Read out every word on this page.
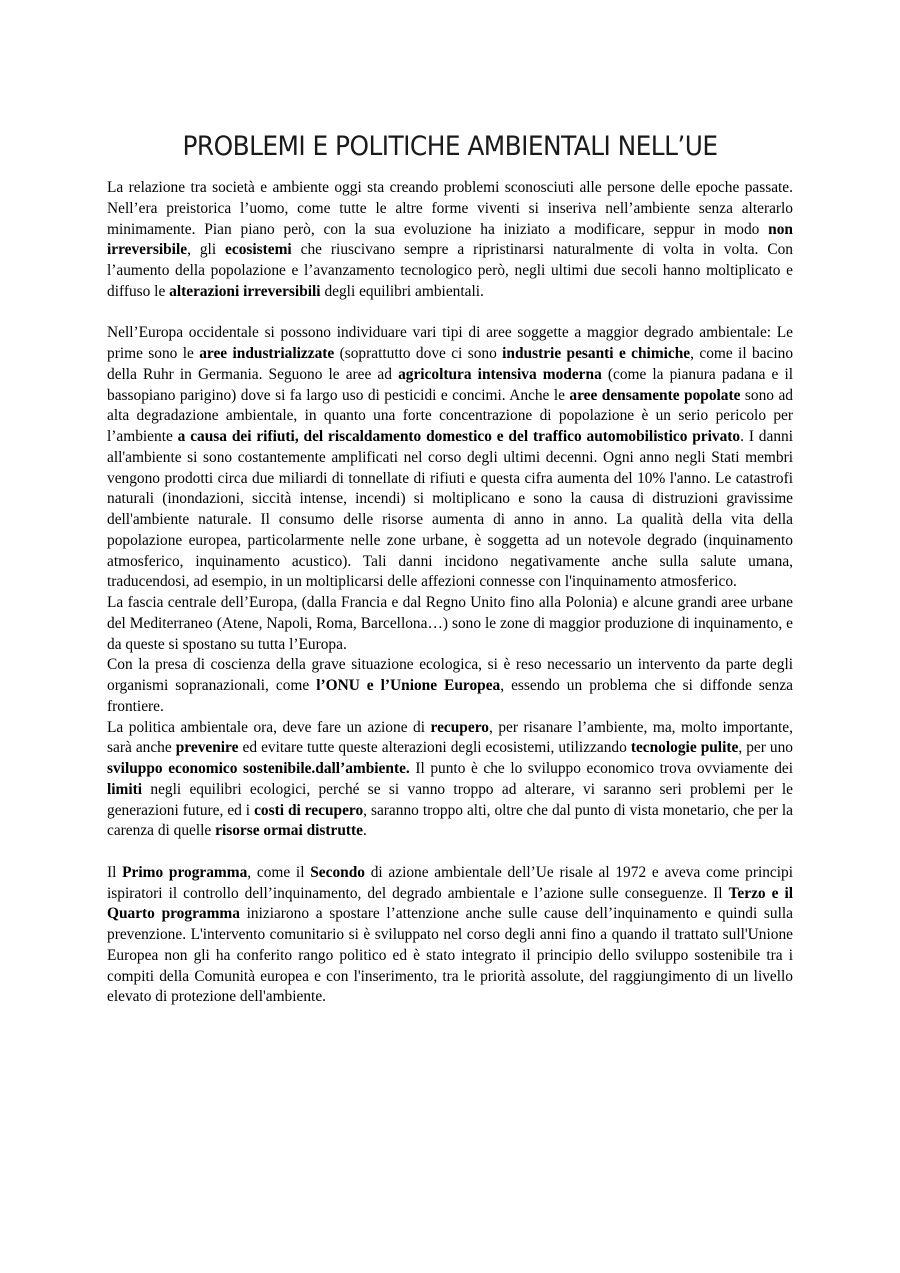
PROBLEMI E POLITICHE AMBIENTALI NELL’UE

La relazione tra società e ambiente oggi sta creando problemi sconosciuti alle persone delle epoche passate. Nell’era preistorica l’uomo, come tutte le altre forme viventi si inseriva nell’ambiente senza alterarlo minimamente. Pian piano però, con la sua evoluzione ha iniziato a modificare, seppur in modo non irreversibile, gli ecosistemi che riuscivano sempre a ripristinarsi naturalmente di volta in volta. Con l’aumento della popolazione e l’avanzamento tecnologico però, negli ultimi due secoli hanno moltiplicato e diffuso le alterazioni irreversibili degli equilibri ambientali.

Nell’Europa occidentale si possono individuare vari tipi di aree soggette a maggior degrado ambientale: Le prime sono le aree industrializzate (soprattutto dove ci sono industrie pesanti e chimiche, come il bacino della Ruhr in Germania. Seguono le aree ad agricoltura intensiva moderna (come la pianura padana e il bassopiano parigino) dove si fa largo uso di pesticidi e concimi. Anche le aree densamente popolate sono ad alta degradazione ambientale, in quanto una forte concentrazione di popolazione è un serio pericolo per l’ambiente a causa dei rifiuti, del riscaldamento domestico e del traffico automobilistico privato. I danni all'ambiente si sono costantemente amplificati nel corso degli ultimi decenni. Ogni anno negli Stati membri vengono prodotti circa due miliardi di tonnellate di rifiuti e questa cifra aumenta del 10% l'anno. Le catastrofi naturali (inondazioni, siccità intense, incendi) si moltiplicano e sono la causa di distruzioni gravissime dell'ambiente naturale. Il consumo delle risorse aumenta di anno in anno. La qualità della vita della popolazione europea, particolarmente nelle zone urbane, è soggetta ad un notevole degrado (inquinamento atmosferico, inquinamento acustico). Tali danni incidono negativamente anche sulla salute umana, traducendosi, ad esempio, in un moltiplicarsi delle affezioni connesse con l'inquinamento atmosferico.

La fascia centrale dell’Europa, (dalla Francia e dal Regno Unito fino alla Polonia) e alcune grandi aree urbane del Mediterraneo (Atene, Napoli, Roma, Barcellona…) sono le zone di maggior produzione di inquinamento, e da queste si spostano su tutta l’Europa.

Con la presa di coscienza della grave situazione ecologica, si è reso necessario un intervento da parte degli organismi sopranazionali, come l’ONU e l’Unione Europea, essendo un problema che si diffonde senza frontiere.

La politica ambientale ora, deve fare un azione di recupero, per risanare l’ambiente, ma, molto importante, sarà anche prevenire ed evitare tutte queste alterazioni degli ecosistemi, utilizzando tecnologie pulite, per uno sviluppo economico sostenibile.dall’ambiente. Il punto è che lo sviluppo economico trova ovviamente dei limiti negli equilibri ecologici, perché se si vanno troppo ad alterare, vi saranno seri problemi per le generazioni future, ed i costi di recupero, saranno troppo alti, oltre che dal punto di vista monetario, che per la carenza di quelle risorse ormai distrutte.

Il Primo programma, come il Secondo di azione ambientale dell’Ue risale al 1972 e aveva come principi ispiratori il controllo dell’inquinamento, del degrado ambientale e l’azione sulle conseguenze. Il Terzo e il Quarto programma iniziarono a spostare l’attenzione anche sulle cause dell’inquinamento e quindi sulla prevenzione. L'intervento comunitario si è sviluppato nel corso degli anni fino a quando il trattato sull'Unione Europea non gli ha conferito rango politico ed è stato integrato il principio dello sviluppo sostenibile tra i compiti della Comunità europea e con l'inserimento, tra le priorità assolute, del raggiungimento di un livello elevato di protezione dell'ambiente.
